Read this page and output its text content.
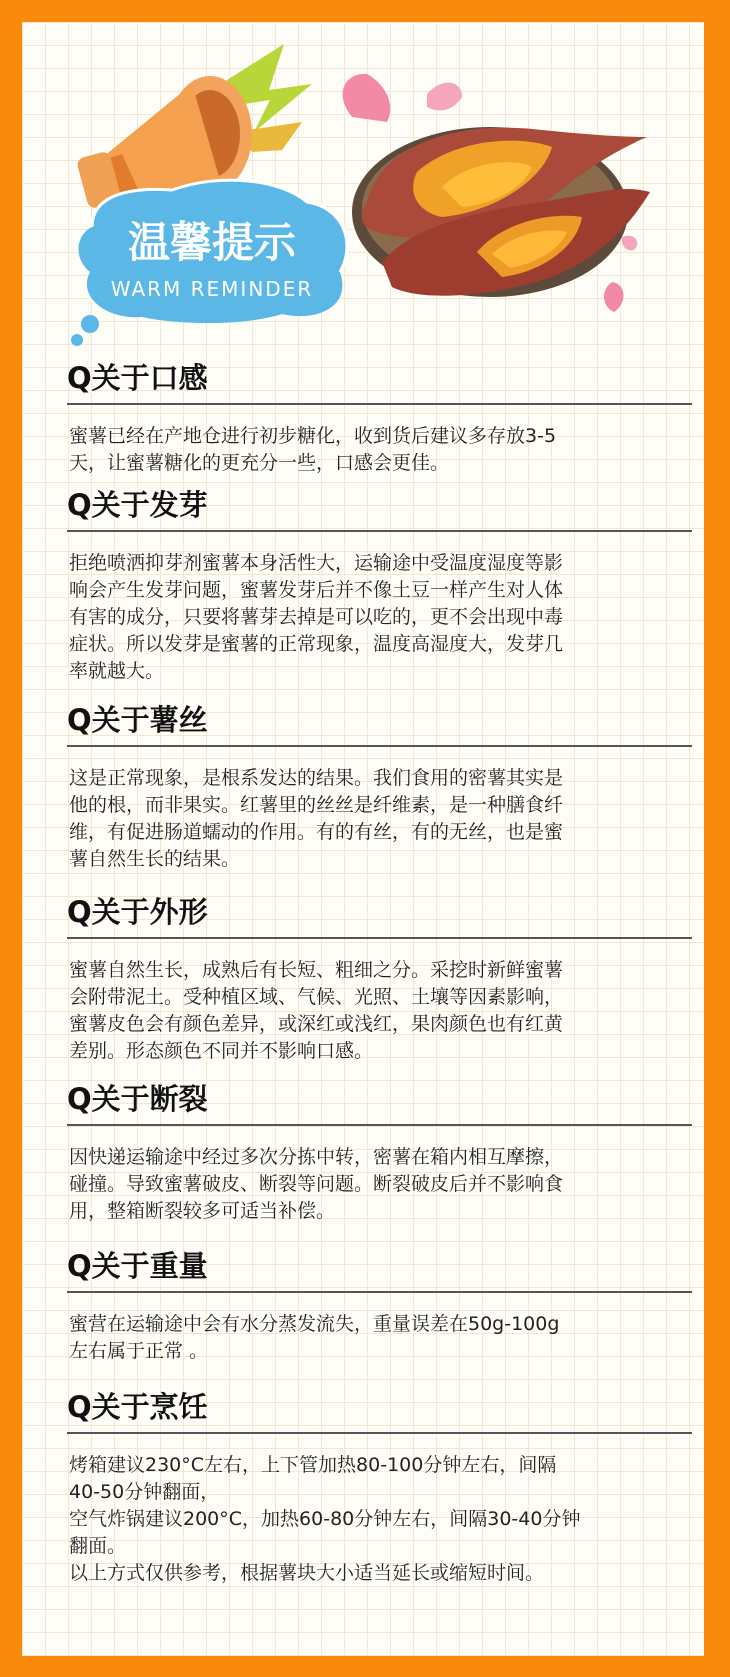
温馨提示
WARM REMINDER
Q关于口感
蜜薯已经在产地仓进行初步糖化，收到货后建议多存放3-5
天，让蜜薯糖化的更充分一些，口感会更佳。
Q关于发芽
拒绝喷洒抑芽剂蜜薯本身活性大，运输途中受温度湿度等影
响会产生发芽问题，蜜薯发芽后并不像土豆一样产生对人体
有害的成分，只要将薯芽去掉是可以吃的，更不会出现中毒
症状。所以发芽是蜜薯的正常现象，温度高湿度大，发芽几
率就越大。
Q关于薯丝
这是正常现象，是根系发达的结果。我们食用的密薯其实是
他的根，而非果实。红薯里的丝丝是纤维素，是一种膳食纤
维，有促进肠道蠕动的作用。有的有丝，有的无丝，也是蜜
薯自然生长的结果。
Q关于外形
蜜薯自然生长，成熟后有长短、粗细之分。采挖时新鲜蜜薯
会附带泥土。受种植区域、气候、光照、土壤等因素影响，
蜜薯皮色会有颜色差异，或深红或浅红，果肉颜色也有红黄
差别。形态颜色不同并不影响口感。
Q关于断裂
因快递运输途中经过多次分拣中转，密薯在箱内相互摩擦，
碰撞。导致蜜薯破皮、断裂等问题。断裂破皮后并不影响食
用，整箱断裂较多可适当补偿。
Q关于重量
蜜营在运输途中会有水分蒸发流失，重量误差在50g-100g
左右属于正常 。
Q关于烹饪
烤箱建议230°C左右，上下管加热80-100分钟左右，间隔
40-50分钟翻面，
空气炸锅建议200°C，加热60-80分钟左右，间隔30-40分钟
翻面。
以上方式仅供参考，根据薯块大小适当延长或缩短时间。
